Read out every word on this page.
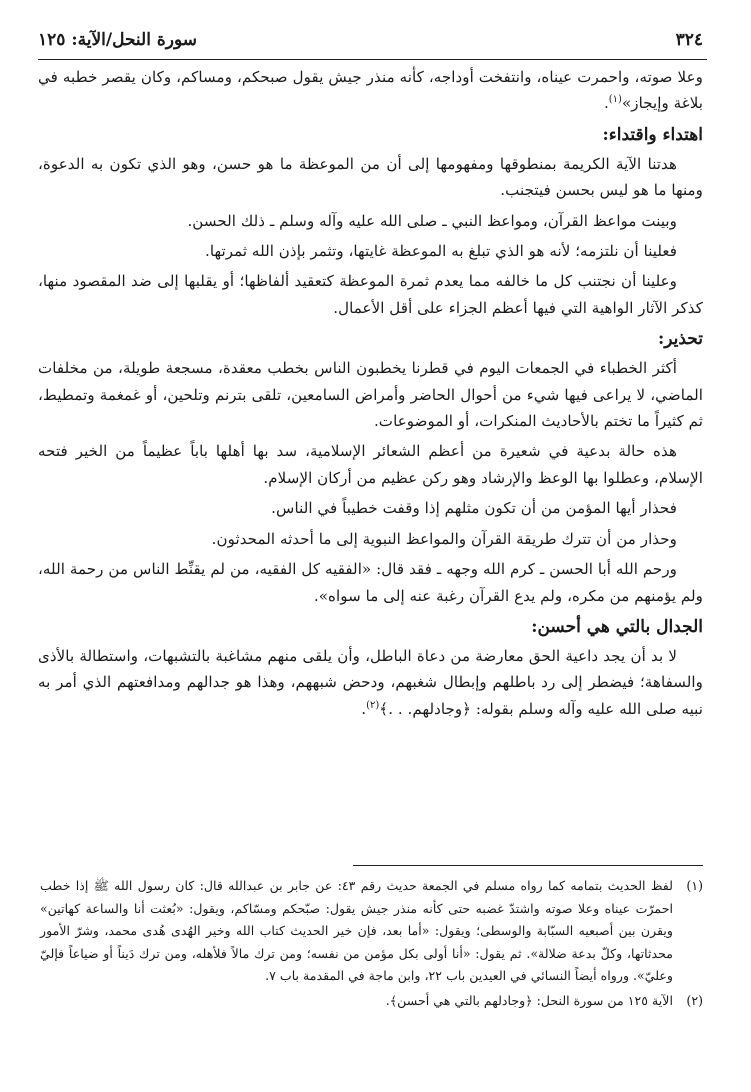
٣٢٤
سورة النحل/الآية: ١٢٥

وعلا صوته، واحمرت عيناه، وانتفخت أوداجه، كأنه منذر جيش يقول صبحكم، ومساكم، وكان يقصر خطبه في بلاغة وإيجاز»$^{(١)}$.

اهتداء واقتداء:

هدتنا الآية الكريمة بمنطوقها ومفهومها إلى أن من الموعظة ما هو حسن، وهو الذي تكون به الدعوة، ومنها ما هو ليس بحسن فيتجنب.

وبينت مواعظ القرآن، ومواعظ النبي ـ صلى الله عليه وآله وسلم ـ ذلك الحسن.

فعلينا أن نلتزمه؛ لأنه هو الذي تبلغ به الموعظة غايتها، وتثمر بإذن الله ثمرتها.

وعلينا أن نجتنب كل ما خالفه مما يعدم ثمرة الموعظة كتعقيد ألفاظها؛ أو يقلبها إلى ضد المقصود منها، كذكر الآثار الواهية التي فيها أعظم الجزاء على أقل الأعمال.

تحذير:

أكثر الخطباء في الجمعات اليوم في قطرنا يخطبون الناس بخطب معقدة، مسجعة طويلة، من مخلفات الماضي، لا يراعى فيها شيء من أحوال الحاضر وأمراض السامعين، تلقى بترنم وتلحين، أو غمغمة وتمطيط، ثم كثيراً ما تختم بالأحاديث المنكرات، أو الموضوعات.

هذه حالة بدعية في شعيرة من أعظم الشعائر الإسلامية، سد بها أهلها باباً عظيماً من الخير فتحه الإسلام، وعطلوا بها الوعظ والإرشاد وهو ركن عظيم من أركان الإسلام.

فحذار أيها المؤمن من أن تكون مثلهم إذا وقفت خطيباً في الناس.

وحذار من أن تترك طريقة القرآن والمواعظ النبوية إلى ما أحدثه المحدثون.

ورحم الله أبا الحسن ـ كرم الله وجهه ـ فقد قال: «الفقيه كل الفقيه، من لم يقنِّط الناس من رحمة الله، ولم يؤمنهم من مكره، ولم يدع القرآن رغبة عنه إلى ما سواه».

الجدال بالتي هي أحسن:

لا بد أن يجد داعية الحق معارضة من دعاة الباطل، وأن يلقى منهم مشاغبة بالتشبهات، واستطالة بالأذى والسفاهة؛ فيضطر إلى رد باطلهم وإبطال شغبهم، ودحض شبههم، وهذا هو جدالهم ومدافعتهم الذي أمر به نبيه صلى الله عليه وآله وسلم بقوله: ﴿وجادلهم. . .﴾$^{(٢)}$.

(١)
لفظ الحديث بتمامه كما رواه مسلم في الجمعة حديث رقم ٤٣: عن جابر بن عبدالله قال: كان رسول الله ﷺ إذا خطب احمرّت عيناه وعلا صوته واشتدّ غضبه حتى كأنه منذر جيش يقول: صبّحكم ومسّاكم، ويقول: «بُعثت أنا والساعة كهاتين» ويقرن بين أصبعيه السبّابة والوسطى؛ ويقول: «أما بعد، فإن خير الحديث كتاب الله وخير الهُدى هُدى محمد، وشرّ الأمور محدثاتها، وكلّ بدعة ضلالة». ثم يقول: «أنا أولى بكل مؤمن من نفسه؛ ومن ترك مالاً فلأهله، ومن ترك دَيناً أو ضياعاً فإليّ وعليّ». ورواه أيضاً النسائي في العيدين باب ٢٢، وابن ماجة في المقدمة باب ٧.
(٢)
الآية ١٢٥ من سورة النحل: ﴿وجادلهم بالتي هي أحسن﴾.
